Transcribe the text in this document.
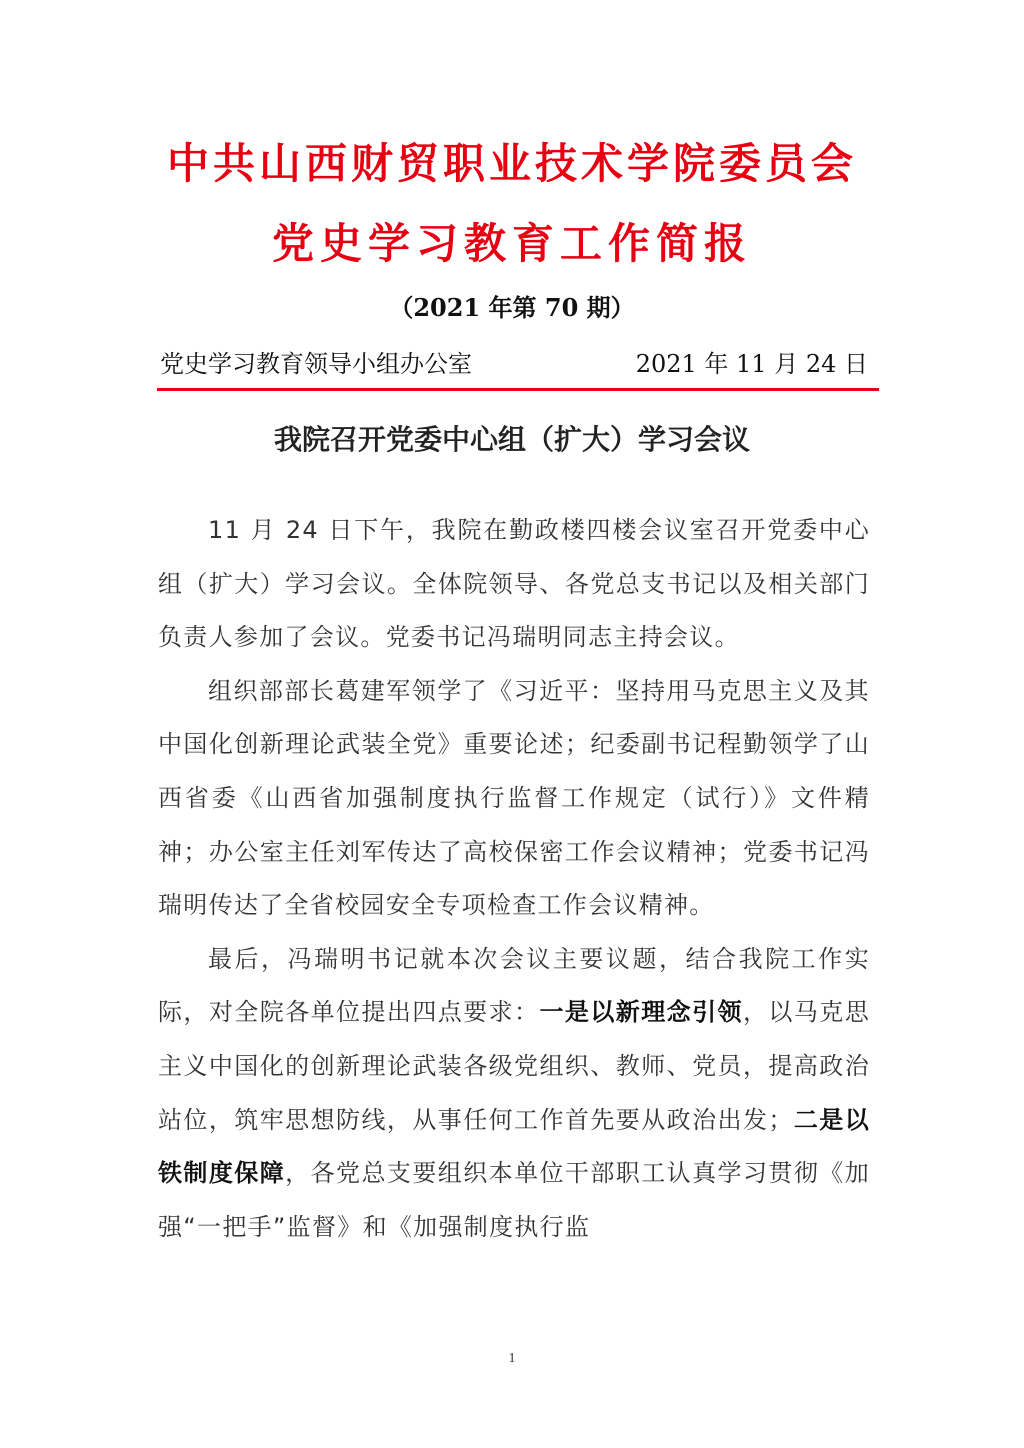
中共山西财贸职业技术学院委员会
党史学习教育工作简报
（2021 年第 70 期）
党史学习教育领导小组办公室	2021 年 11 月 24 日
我院召开党委中心组（扩大）学习会议

11 月 24 日下午，我院在勤政楼四楼会议室召开党委中心组（扩大）学习会议。全体院领导、各党总支书记以及相关部门负责人参加了会议。党委书记冯瑞明同志主持会议。

组织部部长葛建军领学了《习近平：坚持用马克思主义及其中国化创新理论武装全党》重要论述；纪委副书记程勤领学了山西省委《山西省加强制度执行监督工作规定（试行）》文件精神；办公室主任刘军传达了高校保密工作会议精神；党委书记冯瑞明传达了全省校园安全专项检查工作会议精神。

最后，冯瑞明书记就本次会议主要议题，结合我院工作实际，对全院各单位提出四点要求：一是以新理念引领，以马克思主义中国化的创新理论武装各级党组织、教师、党员，提高政治站位，筑牢思想防线，从事任何工作首先要从政治出发；二是以铁制度保障，各党总支要组织本单位干部职工认真学习贯彻《加强“一把手”监督》和《加强制度执行监

1
